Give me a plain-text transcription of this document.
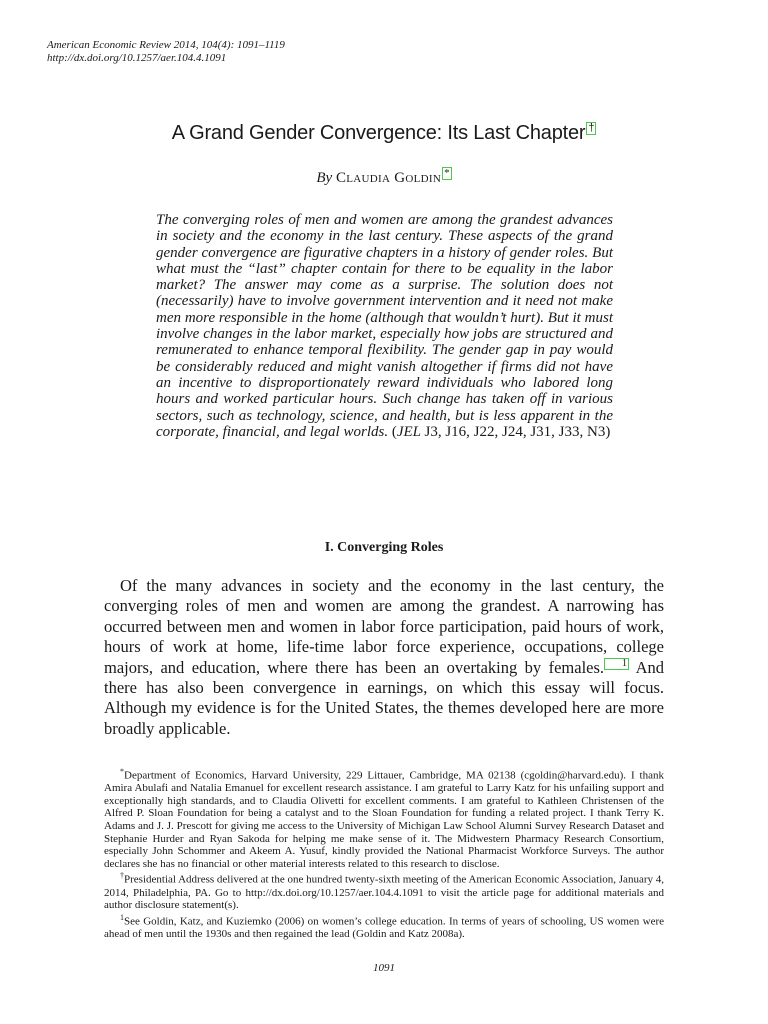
American Economic Review 2014, 104(4): 1091–1119
http://dx.doi.org/10.1257/aer.104.4.1091
A Grand Gender Convergence: Its Last Chapter †
By Claudia Goldin *
The converging roles of men and women are among the grandest advances in society and the economy in the last century. These aspects of the grand gender convergence are figurative chapters in a history of gender roles. But what must the “last” chapter contain for there to be equality in the labor market? The answer may come as a surprise. The solution does not (necessarily) have to involve government intervention and it need not make men more responsible in the home (although that wouldn’t hurt). But it must involve changes in the labor market, especially how jobs are structured and remunerated to enhance temporal flexibility. The gender gap in pay would be considerably reduced and might vanish altogether if firms did not have an incentive to disproportionately reward individuals who labored long hours and worked particular hours. Such change has taken off in various sectors, such as technology, science, and health, but is less apparent in the corporate, financial, and legal worlds. (JEL J3, J16, J22, J24, J31, J33, N3)
I. Converging Roles
Of the many advances in society and the economy in the last century, the converging roles of men and women are among the grandest. A narrowing has occurred between men and women in labor force participation, paid hours of work, hours of work at home, life-time labor force experience, occupations, college majors, and education, where there has been an overtaking by females. 1 And there has also been convergence in earnings, on which this essay will focus. Although my evidence is for the United States, the themes developed here are more broadly applicable.

*Department of Economics, Harvard University, 229 Littauer, Cambridge, MA 02138 (cgoldin@harvard.edu). I thank Amira Abulafi and Natalia Emanuel for excellent research assistance. I am grateful to Larry Katz for his unfailing support and exceptionally high standards, and to Claudia Olivetti for excellent comments. I am grateful to Kathleen Christensen of the Alfred P. Sloan Foundation for being a catalyst and to the Sloan Foundation for funding a related project. I thank Terry K. Adams and J. J. Prescott for giving me access to the University of Michigan Law School Alumni Survey Research Dataset and Stephanie Hurder and Ryan Sakoda for helping me make sense of it. The Midwestern Pharmacy Research Consortium, especially John Schommer and Akeem A. Yusuf, kindly provided the National Pharmacist Workforce Surveys. The author declares she has no financial or other material interests related to this research to disclose.

†Presidential Address delivered at the one hundred twenty-sixth meeting of the American Economic Association, January 4, 2014, Philadelphia, PA. Go to http://dx.doi.org/10.1257/aer.104.4.1091 to visit the article page for additional materials and author disclosure statement(s).

$^1$See Goldin, Katz, and Kuziemko (2006) on women’s college education. In terms of years of schooling, US women were ahead of men until the 1930s and then regained the lead (Goldin and Katz 2008a).

1091
